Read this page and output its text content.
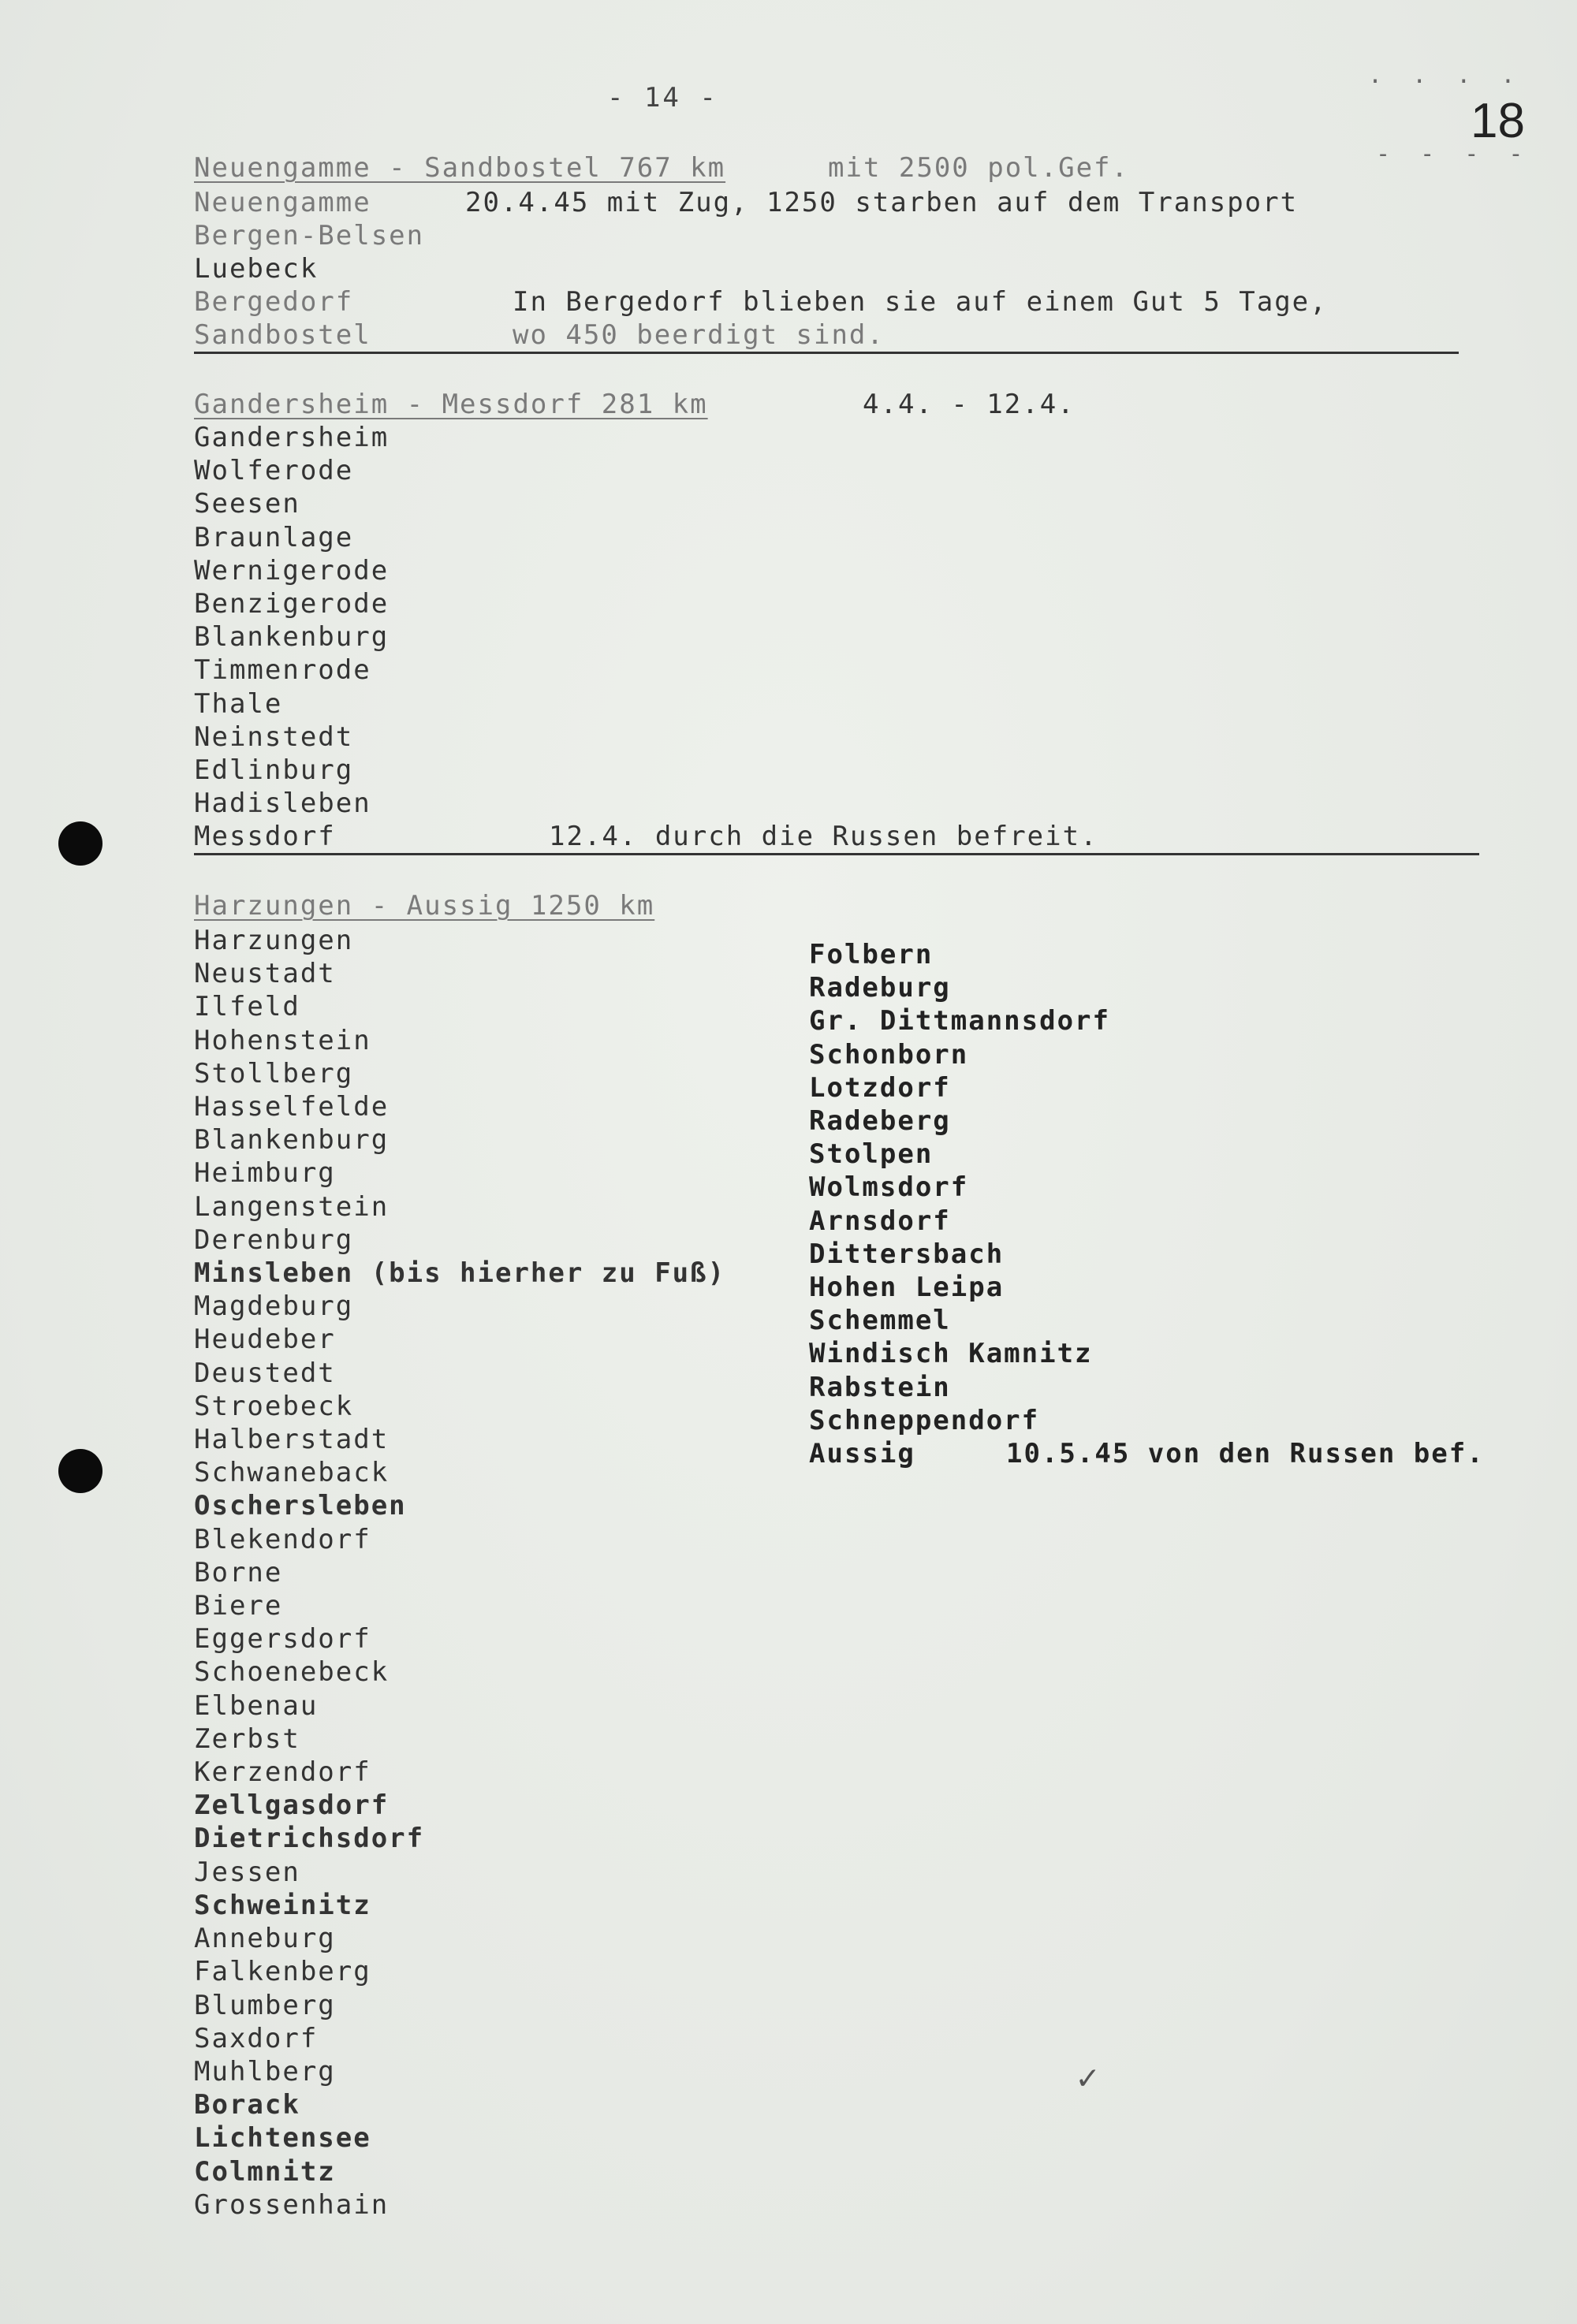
. . . .
- 14 -	18
- - - -
Neuengamme - Sandbostel 767 km	mit 2500 pol.Gef.
Neuengamme	20.4.45 mit Zug, 1250 starben auf dem Transport
Bergen-Belsen
Luebeck
Bergedorf	In Bergedorf blieben sie auf einem Gut 5 Tage,
Sandbostel	wo 450 beerdigt sind.
Gandersheim - Messdorf 281 km	4.4. - 12.4.
Gandersheim
Wolferode
Seesen
Braunlage
Wernigerode
Benzigerode
Blankenburg
Timmenrode
Thale
Neinstedt
Edlinburg
Hadisleben
Messdorf	12.4. durch die Russen befreit.
Harzungen - Aussig 1250 km
Harzungen
Neustadt
Ilfeld
Hohenstein
Stollberg
Hasselfelde
Blankenburg
Heimburg
Langenstein
Derenburg
Minsleben (bis hierher zu Fuß)
Magdeburg
Heudeber
Deustedt
Stroebeck
Halberstadt
Schwaneback
Oschersleben
Blekendorf
Borne
Biere
Eggersdorf
Schoenebeck
Elbenau
Zerbst
Kerzendorf
Zellgasdorf
Dietrichsdorf
Jessen
Schweinitz
Anneburg
Falkenberg
Blumberg
Saxdorf
Muhlberg
Borack
Lichtensee
Colmnitz
Grossenhain
Folbern
Radeburg
Gr. Dittmannsdorf
Schonborn
Lotzdorf
Radeberg
Stolpen
Wolmsdorf
Arnsdorf
Dittersbach
Hohen Leipa
Schemmel
Windisch Kamnitz
Rabstein
Schneppendorf
Aussig	10.5.45 von den Russen bef.
✓
